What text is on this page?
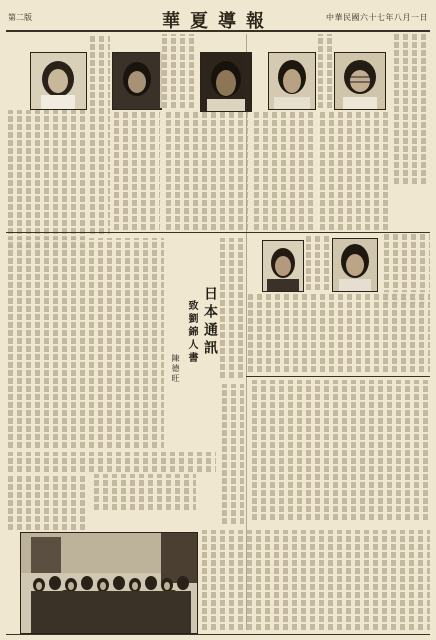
第二版	華夏導報	中華民國六十七年八月一日
日本通訊
致劉錦人書
陳德旺
